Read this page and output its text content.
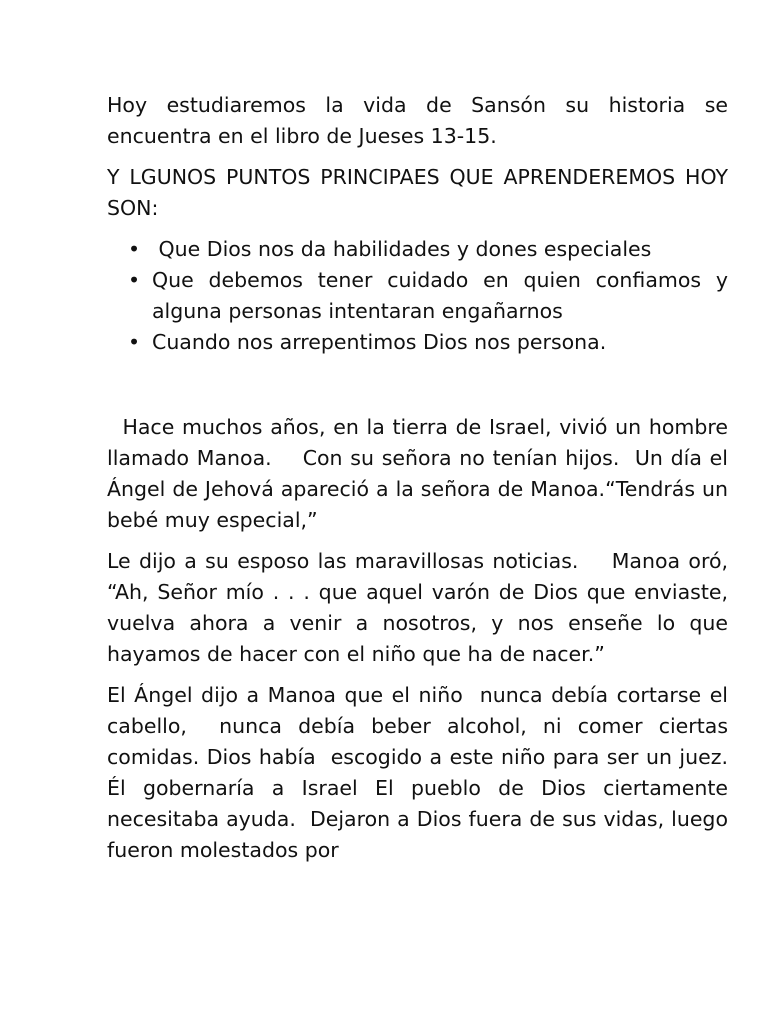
Hoy estudiaremos la vida de Sansón su historia se encuentra en el libro de Jueses 13-15.

Y LGUNOS PUNTOS PRINCIPAES QUE APRENDEREMOS HOY SON:

• Que Dios nos da habilidades y dones especiales
• Que debemos tener cuidado en quien confiamos y alguna personas intentaran engañarnos
• Cuando nos arrepentimos Dios nos persona.

Hace muchos años, en la tierra de Israel, vivió un hombre llamado Manoa.    Con su señora no tenían hijos.  Un día el Ángel de Jehová apareció a la señora de Manoa.“Tendrás un bebé muy especial,”

Le dijo a su esposo las maravillosas noticias.    Manoa oró, “Ah, Señor mío . . . que aquel varón de Dios que enviaste, vuelva ahora a venir a nosotros, y nos enseñe lo que hayamos de hacer con el niño que ha de nacer.”

El Ángel dijo a Manoa que el niño  nunca debía cortarse el cabello,  nunca debía beber alcohol, ni comer ciertas comidas. Dios había  escogido a este niño para ser un juez.  Él gobernaría a Israel El pueblo de Dios ciertamente necesitaba ayuda.  Dejaron a Dios fuera de sus vidas, luego fueron molestados por
